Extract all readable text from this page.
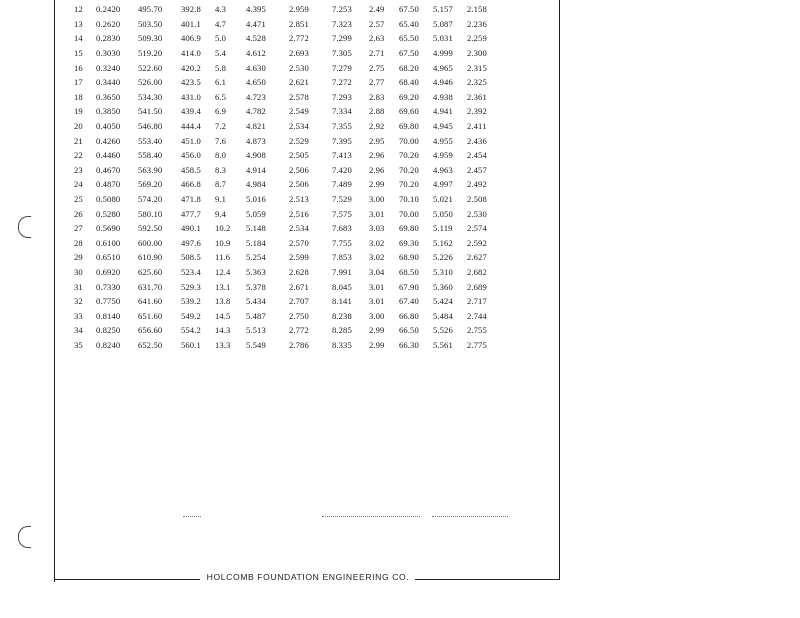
12	0.2420	495.70	392.8	4.3	4.395	2.959	7.253	2.49	67.50	5.157	2.158
13	0.2620	503.50	401.1	4.7	4.471	2.851	7.323	2.57	65.40	5.087	2.236
14	0.2830	509.30	406.9	5.0	4.528	2.772	7.299	2.63	65.50	5.031	2.259
15	0.3030	519.20	414.0	5.4	4.612	2.693	7.305	2.71	67.50	4.999	2.300
16	0.3240	522.60	420.2	5.8	4.630	2.530	7.279	2.75	68.20	4.965	2.315
17	0.3440	526.00	423.5	6.1	4.650	2.621	7.272	2.77	68.40	4.946	2.325
18	0.3650	534.30	431.0	6.5	4.723	2.578	7.293	2.83	69.20	4.938	2.361
19	0.3850	541.50	439.4	6.9	4.782	2.549	7.334	2.88	69.60	4.941	2.392
20	0.4050	546.80	444.4	7.2	4.821	2.534	7.355	2.92	69.80	4.945	2.411
21	0.4260	553.40	451.0	7.6	4.873	2.529	7.395	2.95	70.00	4.955	2.436
22	0.4460	558.40	456.0	8.0	4.908	2.505	7.413	2.96	70.20	4.959	2.454
23	0.4670	563.90	458.5	8.3	4.914	2.506	7.420	2.96	70.20	4.963	2.457
24	0.4870	569.20	466.8	8.7	4.984	2.506	7.489	2.99	70.20	4.997	2.492
25	0.5080	574.20	471.8	9.1	5.016	2.513	7.529	3.00	70.10	5.021	2.508
26	0.5280	580.10	477.7	9.4	5.059	2.516	7.575	3.01	70.00	5.050	2.530
27	0.5690	592.50	490.1	10.2	5.148	2.534	7.683	3.03	69.80	5.119	2.574
28	0.6100	600.00	497.6	10.9	5.184	2.570	7.755	3.02	69.30	5.162	2.592
29	0.6510	610.90	508.5	11.6	5.254	2.599	7.853	3.02	68.90	5.226	2.627
30	0.6920	625.60	523.4	12.4	5.363	2.628	7.991	3.04	68.50	5.310	2.682
31	0.7330	631.70	529.3	13.1	5.378	2.671	8.045	3.01	67.90	5.360	2.689
32	0.7750	641.60	539.2	13.8	5.434	2.707	8.141	3.01	67.40	5.424	2.717
33	0.8140	651.60	549.2	14.5	5.487	2.750	8.238	3.00	66.80	5.484	2.744
34	0.8250	656.60	554.2	14.3	5.513	2.772	8.285	2.99	66.50	5.526	2.755
35	0.8240	652.50	560.1	13.3	5.549	2.786	8.335	2.99	66.30	5.561	2.775
HOLCOMB FOUNDATION ENGINEERING CO.
